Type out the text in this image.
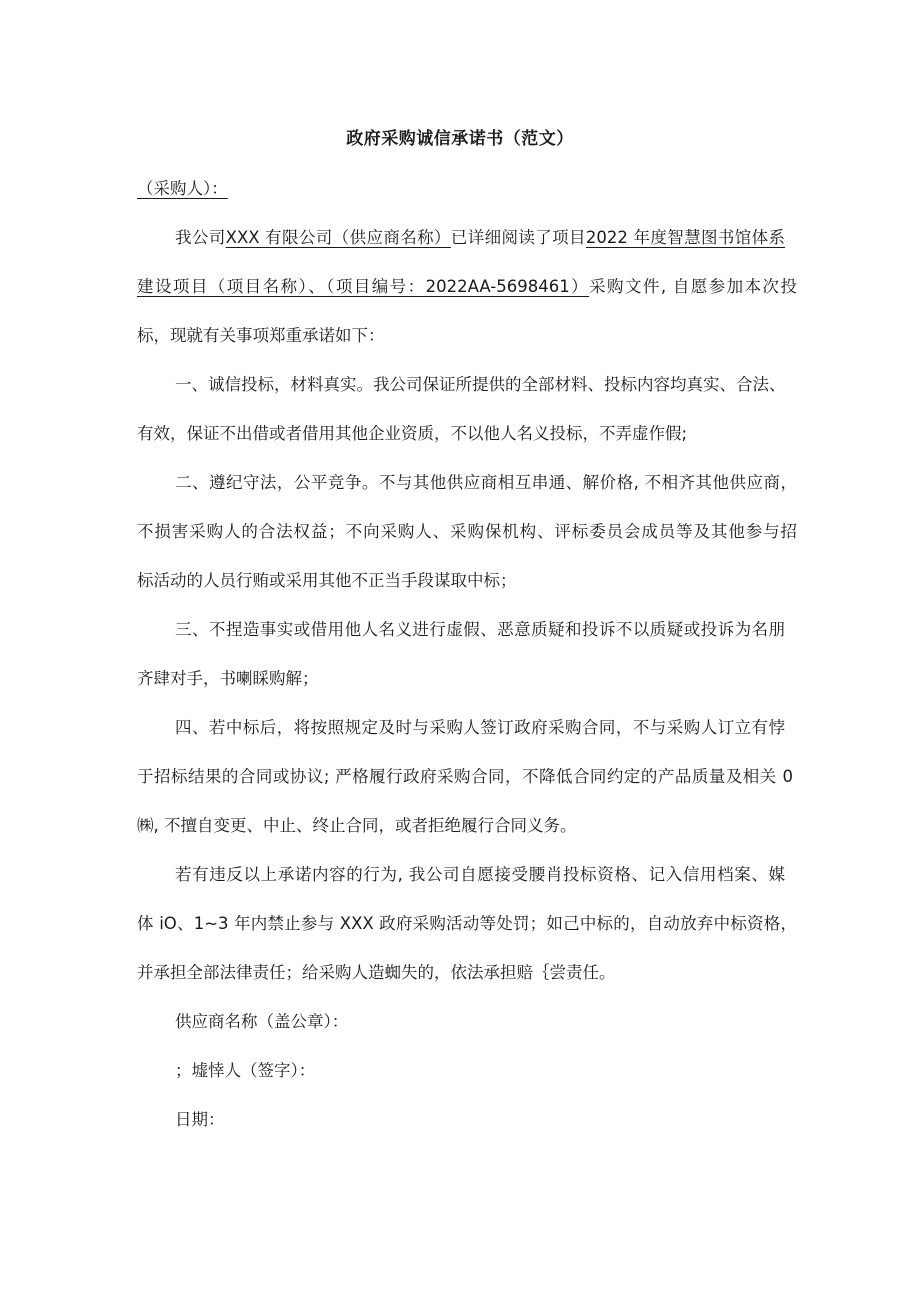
政府采购诚信承诺书（范文）
（采购人）：
我公司XXX 有限公司（供应商名称）已详细阅读了项目2022 年度智慧图书馆体系
建设项目（项目名称）、（项目编号：2022AA-5698461）采购文件, 自愿参加本次投
标，现就有关事项郑重承诺如下：
一、诚信投标，材料真实。我公司保证所提供的全部材料、投标内容均真实、合法、
有效，保证不出借或者借用其他企业资质，不以他人名义投标，不弄虚作假;
二、遵纪守法，公平竞争。不与其他供应商相互串通、解价格, 不相齐其他供应商，
不损害采购人的合法权益；不向采购人、采购保机构、评标委员会成员等及其他参与招
标活动的人员行贿或采用其他不正当手段谋取中标；
三、不捏造事实或借用他人名义进行虚假、恶意质疑和投诉不以质疑或投诉为名朋
齐肆对手，书喇睬购解；
四、若中标后，将按照规定及时与采购人签订政府采购合同，不与采购人订立有悖
于招标结果的合同或协议; 严格履行政府采购合同，不降低合同约定的产品质量及相关 0
㈱, 不擅自变更、中止、终止合同，或者拒绝履行合同义务。
若有违反以上承诺内容的行为, 我公司自愿接受腰肖投标资格、记入信用档案、媒
体 iO、1~3 年内禁止参与 XXX 政府采购活动等处罚；如己中标的，自动放弃中标资格，
并承担全部法律责任；给采购人造蜘失的，依法承担赔｛尝责任。
供应商名称（盖公章）：
；墟悻人（签字）：
日期：
